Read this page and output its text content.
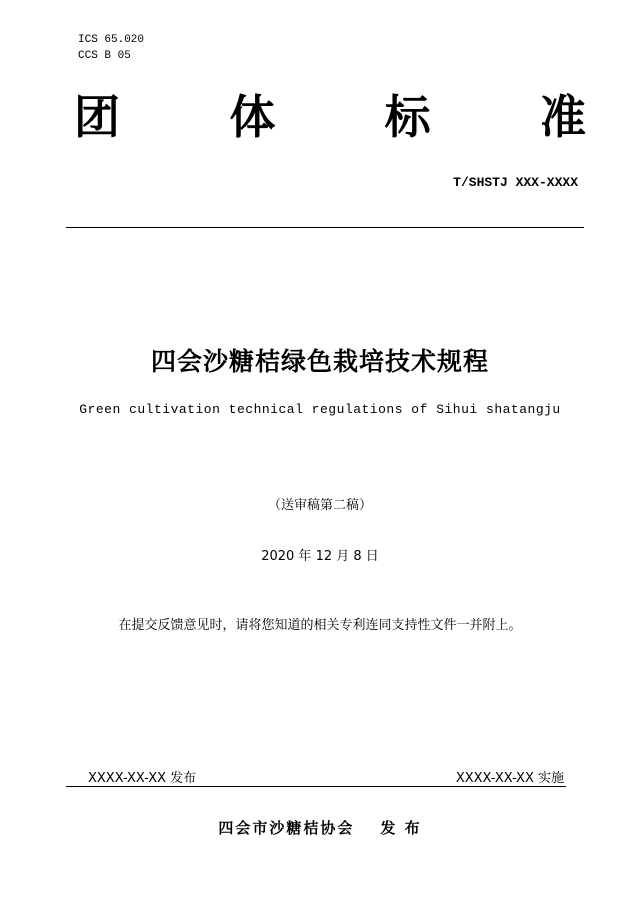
ICS 65.020
CCS B 05
团 体 标 准
T/SHSTJ XXX-XXXX
四会沙糖桔绿色栽培技术规程
Green cultivation technical regulations of Sihui shatangju
（送审稿第二稿）
2020 年 12 月 8 日
在提交反馈意见时，请将您知道的相关专利连同支持性文件一并附上。
XXXX-XX-XX 发布	XXXX-XX-XX 实施
四会市沙糖桔协会 发 布
